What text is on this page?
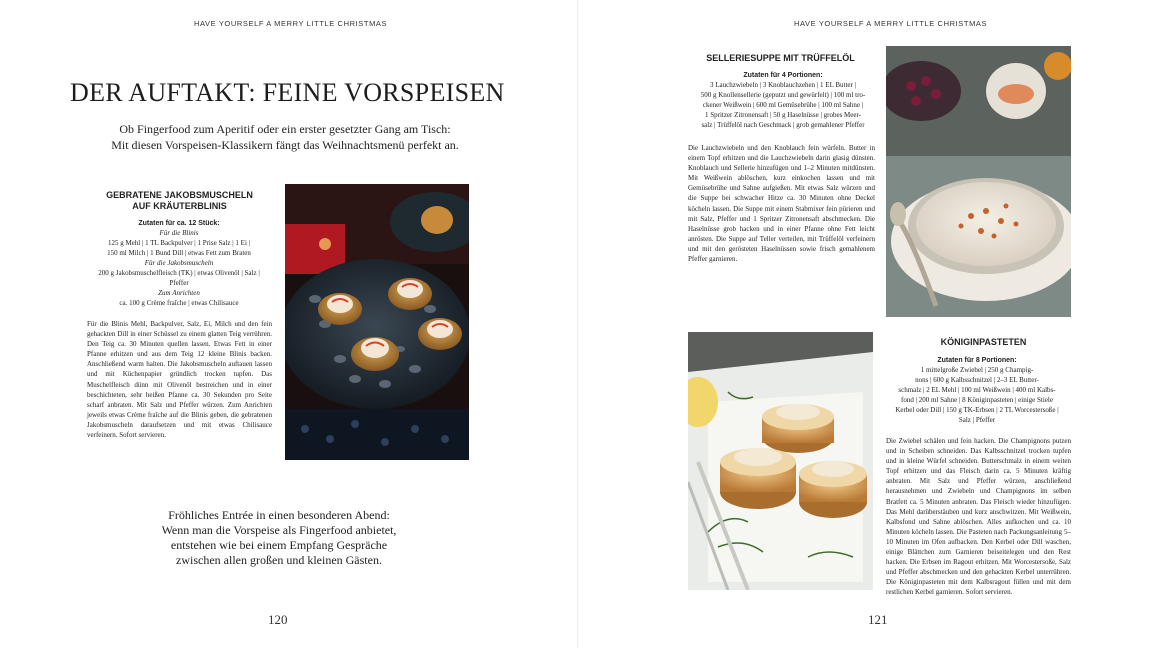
HAVE YOURSELF A MERRY LITTLE CHRISTMAS
DER AUFTAKT: FEINE VORSPEISEN
Ob Fingerfood zum Aperitif oder ein erster gesetzter Gang am Tisch:
Mit diesen Vorspeisen-Klassikern fängt das Weihnachtsmenü perfekt an.
GEBRATENE JAKOBSMUSCHELN
AUF KRÄUTERBLINIS
Zutaten für ca. 12 Stück:
Für die Blinis
125 g Mehl | 1 TL Backpulver | 1 Prise Salz | 1 Ei |
150 ml Milch | 1 Bund Dill | etwas Fett zum Braten
Für die Jakobsmuscheln
200 g Jakobsmuschelfleisch (TK) | etwas Olivenöl | Salz |
Pfeffer
Zum Anrichten
ca. 100 g Crème fraîche | etwas Chilisauce
Für die Blinis Mehl, Backpulver, Salz, Ei, Milch und den fein gehackten Dill in einer Schüssel zu einem glatten Teig verrühren. Den Teig ca. 30 Minuten quellen lassen. Etwas Fett in einer Pfanne erhitzen und aus dem Teig 12 kleine Blinis backen. Anschließend warm halten. Die Jakobsmuscheln auftauen lassen und mit Küchenpapier gründlich trocken tupfen. Das Muschelfleisch dünn mit Olivenöl bestreichen und in einer beschichteten, sehr heißen Pfanne ca. 30 Sekunden pro Seite scharf anbraten. Mit Salz und Pfeffer würzen. Zum Anrichten jeweils etwas Crème fraîche auf die Blinis geben, die gebratenen Jakobsmuscheln daraufsetzen und mit etwas Chilisauce verfeinern. Sofort servieren.
Fröhliches Entrée in einen besonderen Abend:
Wenn man die Vorspeise als Fingerfood anbietet,
entstehen wie bei einem Empfang Gespräche
zwischen allen großen und kleinen Gästen.
120
HAVE YOURSELF A MERRY LITTLE CHRISTMAS
SELLERIESUPPE MIT TRÜFFELÖL
Zutaten für 4 Portionen:
3 Lauchzwiebeln | 3 Knoblauchzehen | 1 EL Butter |
500 g Knollensellerie (geputzt und gewürfelt) | 100 ml tro-
ckener Weißwein | 600 ml Gemüsebrühe | 100 ml Sahne |
1 Spritzer Zitronensaft | 50 g Haselnüsse | grobes Meer-
salz | Trüffelöl nach Geschmack | grob gemahlener Pfeffer
Die Lauchzwiebeln und den Knoblauch fein würfeln. Butter in einem Topf erhitzen und die Lauchzwiebeln darin glasig dünsten. Knoblauch und Sellerie hinzufügen und 1–2 Minuten mitdünsten. Mit Weißwein ablöschen, kurz einkochen lassen und mit Gemüsebrühe und Sahne aufgießen. Mit etwas Salz würzen und die Suppe bei schwacher Hitze ca. 30 Minuten ohne Deckel köcheln lassen. Die Suppe mit einem Stabmixer fein pürieren und mit Salz, Pfeffer und 1 Spritzer Zitronensaft abschmecken. Die Haselnüsse grob hacken und in einer Pfanne ohne Fett leicht anrösten. Die Suppe auf Teller verteilen, mit Trüffelöl verfeinern und mit den gerösteten Haselnüssen sowie frisch gemahlenem Pfeffer garnieren.
KÖNIGINPASTETEN
Zutaten für 8 Portionen:
1 mittelgroße Zwiebel | 250 g Champig-
nons | 600 g Kalbsschnitzel | 2–3 EL Butter-
schmalz | 2 EL Mehl | 100 ml Weißwein | 400 ml Kalbs-
fond | 200 ml Sahne | 8 Königinpasteten | einige Stiele
Kerbel oder Dill | 150 g TK-Erbsen | 2 TL Worcestersoße |
Salz | Pfeffer
Die Zwiebel schälen und fein hacken. Die Champignons putzen und in Scheiben schneiden. Das Kalbsschnitzel trocken tupfen und in kleine Würfel schneiden. Butterschmalz in einem weiten Topf erhitzen und das Fleisch darin ca. 5 Minuten kräftig anbraten. Mit Salz und Pfeffer würzen, anschließend herausnehmen und Zwiebeln und Champignons im selben Bratfett ca. 5 Minuten anbraten. Das Fleisch wieder hinzufügen. Das Mehl darüberstäuben und kurz anschwitzen. Mit Weißwein, Kalbsfond und Sahne ablöschen. Alles aufkochen und ca. 10 Minuten köcheln lassen. Die Pasteten nach Packungsanleitung 5–10 Minuten im Ofen aufbacken. Den Kerbel oder Dill waschen, einige Blättchen zum Garnieren beiseitelegen und den Rest hacken. Die Erbsen im Ragout erhitzen. Mit Worcestersoße, Salz und Pfeffer abschmecken und den gehackten Kerbel unterrühren. Die Königinpasteten mit dem Kalbsragout füllen und mit dem restlichen Kerbel garnieren. Sofort servieren.
121
